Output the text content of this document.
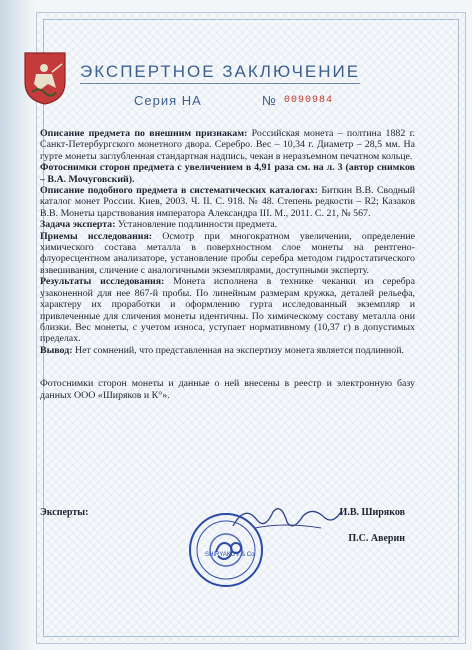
ЭКСПЕРТНОЕ ЗАКЛЮЧЕНИЕ
Серия НА	№ 0090984

Описание предмета по внешним признакам: Российская монета – полтина 1882 г. Санкт-Петербургского монетного двора. Серебро. Вес – 10,34 г. Диаметр – 28,5 мм. На гурте монеты заглубленная стандартная надпись, чекан в неразъемном печатном кольце.

Фотоснимки сторон предмета с увеличением в 4,91 раза см. на л. 3 (автор снимков – В.А. Мочуговский).

Описание подобного предмета в систематических каталогах: Биткин В.В. Сводный каталог монет России. Киев, 2003. Ч. II. С. 918. № 48. Степень редкости – R2; Казаков В.В. Монеты царствования императора Александра III. М., 2011. С. 21, № 567.

Задача эксперта: Установление подлинности предмета.

Приемы исследования: Осмотр при многократном увеличении, определение химического состава металла в поверхностном слое монеты на рентгено-флуоресцентном анализаторе, установление пробы серебра методом гидростатического взвешивания, сличение с аналогичными экземплярами, доступными эксперту.

Результаты исследования: Монета исполнена в технике чеканки из серебра узаконенной для нее 867-й пробы. По линейным размерам кружка, деталей рельефа, характеру их проработки и оформлению гурта исследованный экземпляр и привлеченные для сличения монеты идентичны. По химическому составу металла они близки. Вес монеты, с учетом износа, уступает нормативному (10,37 г) в допустимых пределах.

Вывод: Нет сомнений, что представленная на экспертизу монета является подлинной.

Фотоснимки сторон монеты и данные о ней внесены в реестр и электронную базу данных ООО «Ширяков и К°».

Эксперты:	И.В. Ширяков
П.С. Аверин
SHIRYAKOV & Co
